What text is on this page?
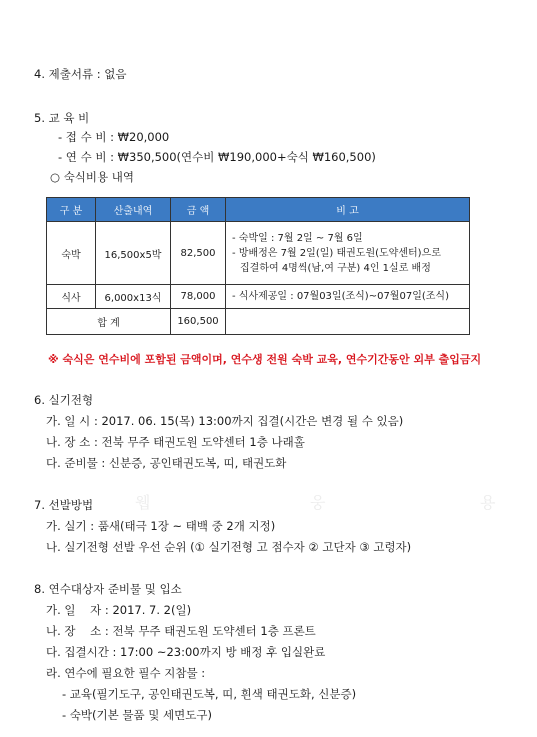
4. 제출서류 : 없음
5. 교 육 비
- 접 수 비 : ₩20,000
- 연 수 비 : ₩350,500(연수비 ₩190,000+숙식 ₩160,500)
○ 숙식비용 내역
구 분	산출내역	금 액	비 고
숙박	16,500x5박	82,500	- 숙박일 : 7월 2일 ~ 7월 6일
- 방배정은 7월 2일(일) 태권도원(도약센터)으로
집결하여 4명씩(남,여 구분) 4인 1실로 배정

식사	6,000x13식	78,000	- 식사제공일 : 07월03일(조식)~07월07일(조식)

합 계		160,500	
※ 숙식은 연수비에 포함된 금액이며, 연수생 전원 숙박 교육, 연수기간동안 외부 출입금지
6. 실기전형
가. 일 시 : 2017. 06. 15(목) 13:00까지 집결(시간은 변경 될 수 있음)
나. 장 소 : 전북 무주 태권도원 도약센터 1층 나래홀
다. 준비물 : 신분증, 공인태권도복, 띠, 태권도화
웹	웅	용
7. 선발방법
가. 실기 : 품새(태극 1장 ~ 태백 중 2개 지정)
나. 실기전형 선발 우선 순위 (① 실기전형 고 점수자 ② 고단자 ③ 고령자)
8. 연수대상자 준비물 및 입소
가. 일    자 : 2017. 7. 2(일)
나. 장    소 : 전북 무주 태권도원 도약센터 1층 프론트
다. 집결시간 : 17:00 ~23:00까지 방 배정 후 입실완료
라. 연수에 필요한 필수 지참물 :
- 교육(필기도구, 공인태권도복, 띠, 흰색 태권도화, 신분증)
- 숙박(기본 물품 및 세면도구)
